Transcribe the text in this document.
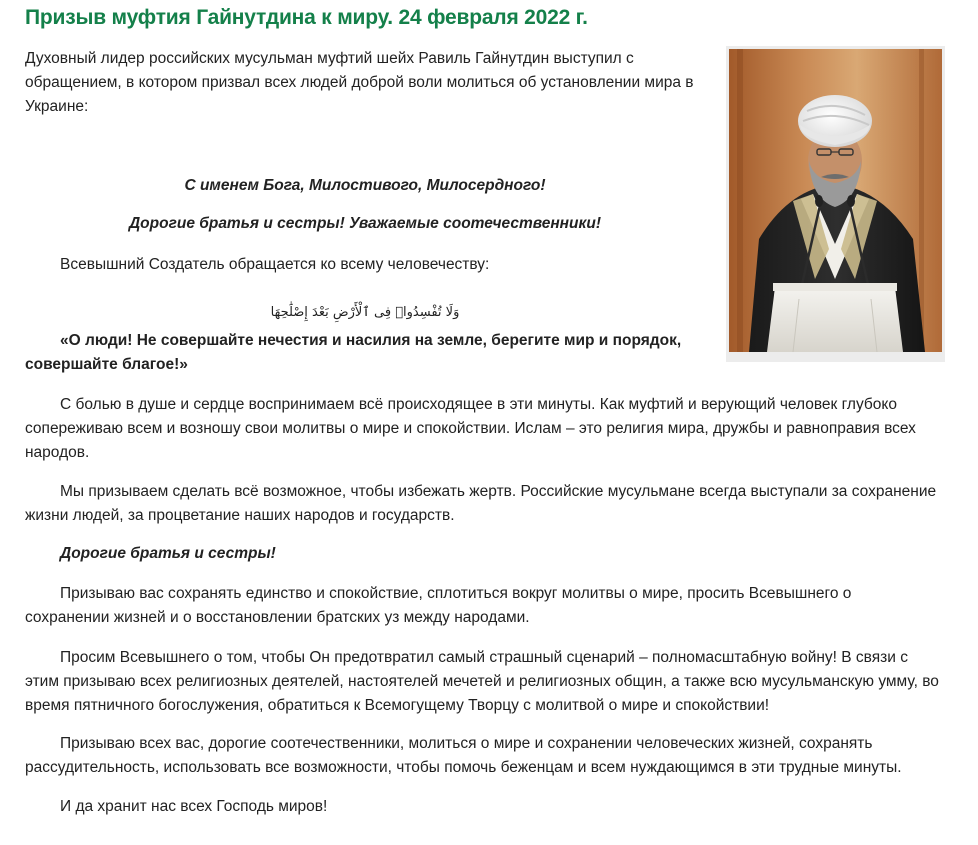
Призыв муфтия Гайнутдина к миру. 24 февраля 2022 г.

Духовный лидер российских мусульман муфтий шейх Равиль Гайнутдин выступил с обращением, в котором призвал всех людей доброй воли молиться об установлении мира в Украине:

С именем Бога, Милостивого, Милосердного!

Дорогие братья и сестры! Уважаемые соотечественники!

Всевышний Создатель обращается ко всему человечеству:

وَلَا تُفْسِدُوا۟ فِى ٱلْأَرْضِ بَعْدَ إِصْلَٰحِهَا

«О люди! Не совершайте нечестия и насилия на земле, берегите мир и порядок, совершайте благое!»

С болью в душе и сердце воспринимаем всё происходящее в эти минуты. Как муфтий и верующий человек глубоко сопереживаю всем и возношу свои молитвы о мире и спокойствии. Ислам – это религия мира, дружбы и равноправия всех народов.

Мы призываем сделать всё возможное, чтобы избежать жертв. Российские мусульмане всегда выступали за сохранение жизни людей, за процветание наших народов и государств.

Дорогие братья и сестры!

Призываю вас сохранять единство и спокойствие, сплотиться вокруг молитвы о мире, просить Всевышнего о сохранении жизней и о восстановлении братских уз между народами.

Просим Всевышнего о том, чтобы Он предотвратил самый страшный сценарий – полномасштабную войну! В связи с этим призываю всех религиозных деятелей, настоятелей мечетей и религиозных общин, а также всю мусульманскую умму, во время пятничного богослужения, обратиться к Всемогущему Творцу с молитвой о мире и спокойствии!

Призываю всех вас, дорогие соотечественники, молиться о мире и сохранении человеческих жизней, сохранять рассудительность, использовать все возможности, чтобы помочь беженцам и всем нуждающимся в эти трудные минуты.

И да хранит нас всех Господь миров!
